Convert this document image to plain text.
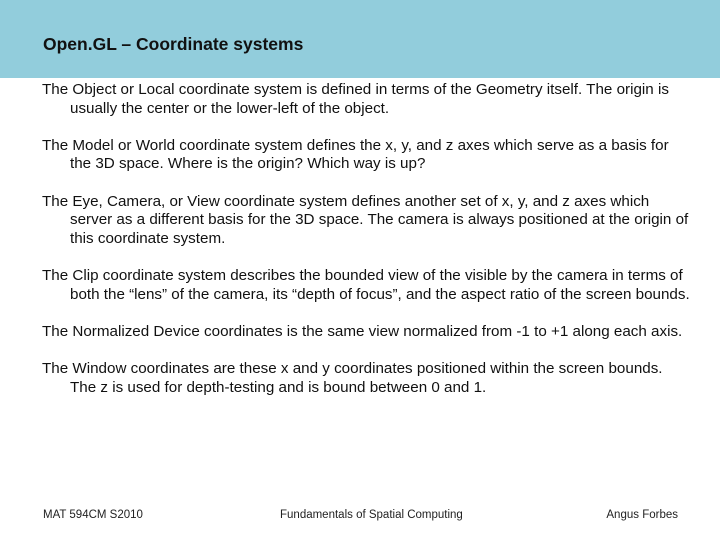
Open.GL – Coordinate systems

The Object or Local coordinate system is defined in terms of the Geometry itself. The origin is usually the center or the lower-left of the object.

The Model or World coordinate system defines the x, y, and z axes which serve as a basis for the 3D space. Where is the origin? Which way is up?

The Eye, Camera, or View coordinate system defines another set of x, y, and z axes which server as a different basis for the 3D space. The camera is always positioned at the origin of this coordinate system.

The Clip coordinate system describes the bounded view of the visible by the camera in terms of both the “lens” of the camera, its “depth of focus”, and the aspect ratio of the screen bounds.

The Normalized Device coordinates is the same view normalized from -1 to +1 along each axis.

The Window coordinates are these x and y coordinates positioned within the screen bounds. The z is used for depth-testing and is bound between 0 and 1.

MAT 594CM S2010	Fundamentals of Spatial Computing	Angus Forbes
